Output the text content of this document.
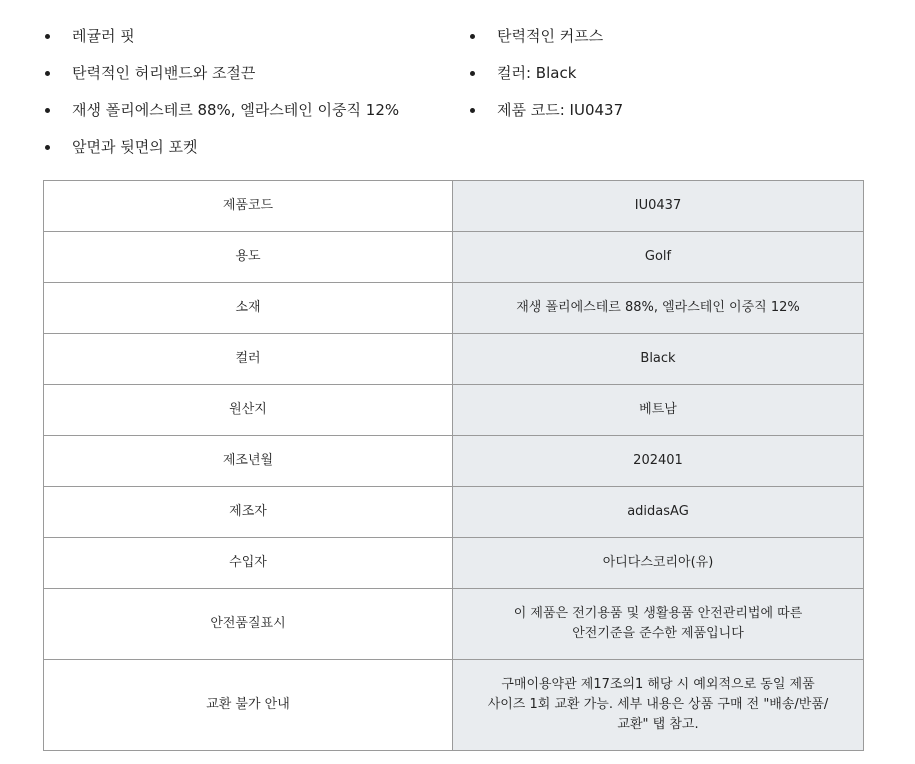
레귤러 핏
탄력적인 허리밴드와 조절끈
재생 폴리에스테르 88%, 엘라스테인 이중직 12%
앞면과 뒷면의 포켓
탄력적인 커프스
컬러: Black
제품 코드: IU0437
제품코드	IU0437
용도	Golf
소재	재생 폴리에스테르 88%, 엘라스테인 이중직 12%
컬러	Black
원산지	베트남
제조년월	202401
제조자	adidasAG
수입자	아디다스코리아(유)
안전품질표시	이 제품은 전기용품 및 생활용품 안전관리법에 따른
안전기준을 준수한 제품입니다
교환 불가 안내	구매이용약관 제17조의1 해당 시 예외적으로 동일 제품
사이즈 1회 교환 가능. 세부 내용은 상품 구매 전 "배송/반품/
교환" 탭 참고.
